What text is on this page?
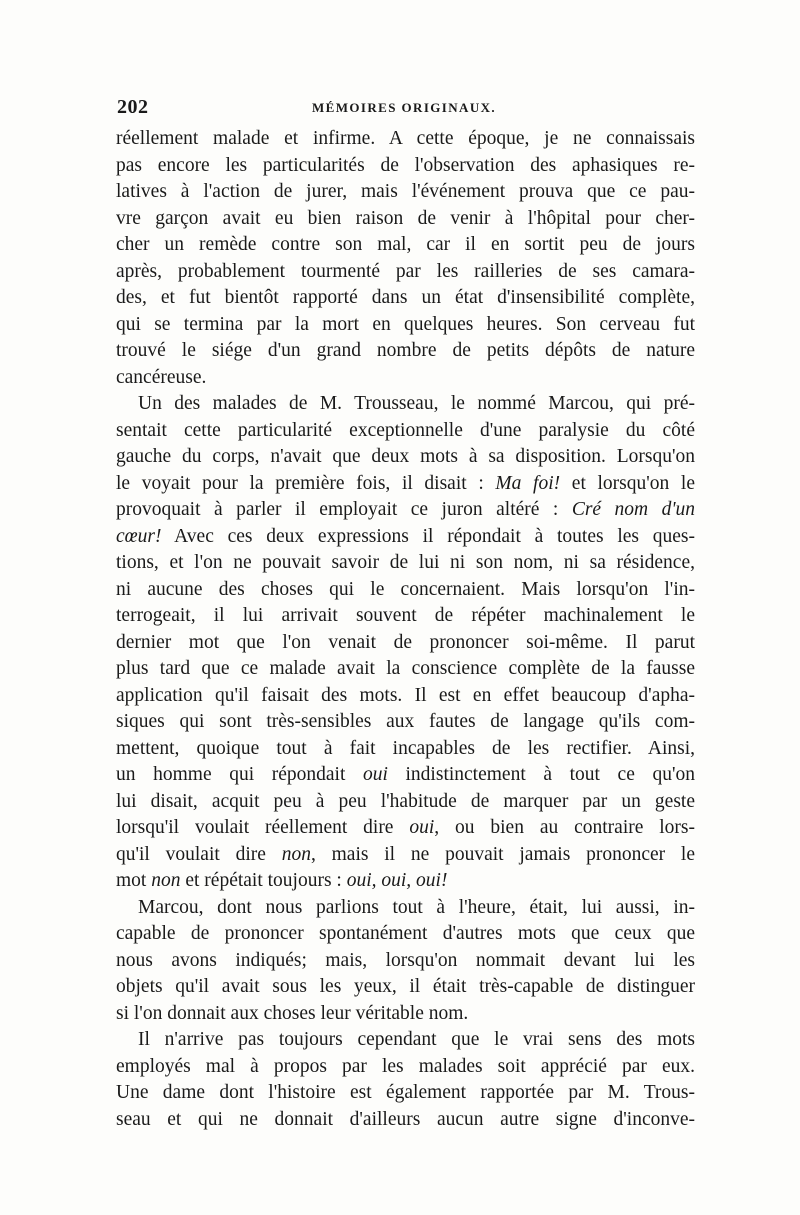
202	MÉMOIRES ORIGINAUX.
réellement malade et infirme. A cette époque, je ne connaissais
pas encore les particularités de l'observation des aphasiques re-
latives à l'action de jurer, mais l'événement prouva que ce pau-
vre garçon avait eu bien raison de venir à l'hôpital pour cher-
cher un remède contre son mal, car il en sortit peu de jours
après, probablement tourmenté par les railleries de ses camara-
des, et fut bientôt rapporté dans un état d'insensibilité complète,
qui se termina par la mort en quelques heures. Son cerveau fut
trouvé le siége d'un grand nombre de petits dépôts de nature
cancéreuse.
Un des malades de M. Trousseau, le nommé Marcou, qui pré-
sentait cette particularité exceptionnelle d'une paralysie du côté
gauche du corps, n'avait que deux mots à sa disposition. Lorsqu'on
le voyait pour la première fois, il disait : Ma foi! et lorsqu'on le
provoquait à parler il employait ce juron altéré : Cré nom d'un
cœur! Avec ces deux expressions il répondait à toutes les ques-
tions, et l'on ne pouvait savoir de lui ni son nom, ni sa résidence,
ni aucune des choses qui le concernaient. Mais lorsqu'on l'in-
terrogeait, il lui arrivait souvent de répéter machinalement le
dernier mot que l'on venait de prononcer soi-même. Il parut
plus tard que ce malade avait la conscience complète de la fausse
application qu'il faisait des mots. Il est en effet beaucoup d'apha-
siques qui sont très-sensibles aux fautes de langage qu'ils com-
mettent, quoique tout à fait incapables de les rectifier. Ainsi,
un homme qui répondait oui indistinctement à tout ce qu'on
lui disait, acquit peu à peu l'habitude de marquer par un geste
lorsqu'il voulait réellement dire oui, ou bien au contraire lors-
qu'il voulait dire non, mais il ne pouvait jamais prononcer le
mot non et répétait toujours : oui, oui, oui!
Marcou, dont nous parlions tout à l'heure, était, lui aussi, in-
capable de prononcer spontanément d'autres mots que ceux que
nous avons indiqués; mais, lorsqu'on nommait devant lui les
objets qu'il avait sous les yeux, il était très-capable de distinguer
si l'on donnait aux choses leur véritable nom.
Il n'arrive pas toujours cependant que le vrai sens des mots
employés mal à propos par les malades soit apprécié par eux.
Une dame dont l'histoire est également rapportée par M. Trous-
seau et qui ne donnait d'ailleurs aucun autre signe d'inconve-
